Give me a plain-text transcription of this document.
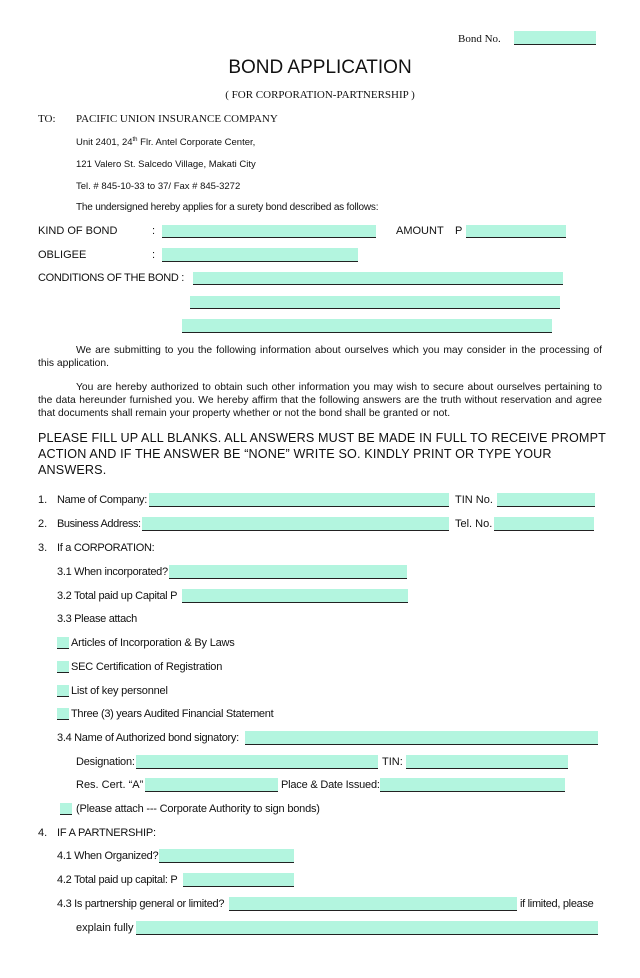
Bond No.
BOND APPLICATION
( FOR CORPORATION-PARTNERSHIP )
TO: PACIFIC UNION INSURANCE COMPANY
Unit 2401, 24th Flr. Antel Corporate Center,
121 Valero St. Salcedo Village, Makati City
Tel. # 845-10-33 to 37/ Fax # 845-3272
The undersigned hereby applies for a surety bond described as follows:
KIND OF BOND	:	AMOUNT P
OBLIGEE	:
CONDITIONS OF THE BOND :
We are submitting to you the following information about ourselves which you may consider in the processing of this application.
You are hereby authorized to obtain such other information you may wish to secure about ourselves pertaining to the data hereunder furnished you. We hereby affirm that the following answers are the truth without reservation and agree that documents shall remain your property whether or not the bond shall be granted or not.
PLEASE FILL UP ALL BLANKS. ALL ANSWERS MUST BE MADE IN FULL TO RECEIVE PROMPT ACTION AND IF THE ANSWER BE “NONE” WRITE SO. KINDLY PRINT OR TYPE YOUR ANSWERS.
1. Name of Company:	TIN No.
2. Business Address:	Tel. No.
3. If a CORPORATION:
3.1 When incorporated?
3.2 Total paid up Capital P
3.3 Please attach
Articles of Incorporation & By Laws
SEC Certification of Registration
List of key personnel
Three (3) years Audited Financial Statement
3.4 Name of Authorized bond signatory:
Designation:	TIN:
Res. Cert. “A”	Place & Date Issued:
(Please attach --- Corporate Authority to sign bonds)
4. IF A PARTNERSHIP:
4.1 When Organized?
4.2 Total paid up capital: P
4.3 Is partnership general or limited?	if limited, please
explain fully
